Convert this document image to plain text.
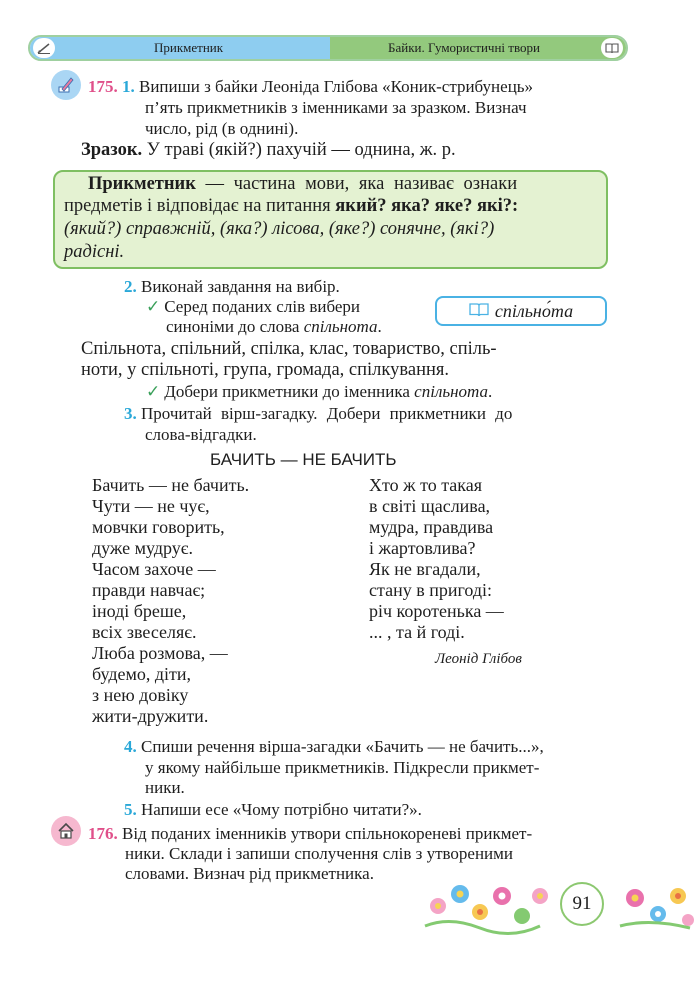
Прикметник	Байки. Гумористичні твори
175. 1. Випиши з байки Леоніда Глібова «Коник-стрибунець»
п’ять прикметників з іменниками за зразком. Визнач
число, рід (в однині).
Зразок. У траві (якій?) пахучій — однина, ж. р.
Прикметник — частина мови, яка називає ознаки
предметів і відповідає на питання який? яка? яке? які?:
(який?) справжній, (яка?) лісова, (яке?) сонячне, (які?)
радісні.
2. Виконай завдання на вибір.
✓ Серед поданих слів вибери
синоніми до слова спільнота.
спільно́та
Спільнота, спільний, спілка, клас, товариство, спіль-
ноти, у спільноті, група, громада, спілкування.
✓ Добери прикметники до іменника спільнота.
3. Прочитай вірш-загадку. Добери прикметники до
слова-відгадки.
БАЧИТЬ — НЕ БАЧИТЬ
Бачить — не бачить.
Чути — не чує,
мовчки говорить,
дуже мудрує.
Часом захоче —
правди навчає;
іноді бреше,
всіх звеселяє.
Люба розмова, —
будемо, діти,
з нею довіку
жити-дружити.
Хто ж то такая
в світі щаслива,
мудра, правдива
і жартовлива?
Як не вгадали,
стану в пригоді:
річ коротенька —
... , та й годі.
Леонід Глібов
4. Спиши речення вірша-загадки «Бачить — не бачить...»,
у якому найбільше прикметників. Підкресли прикмет-
ники.
5. Напиши есе «Чому потрібно читати?».
176. Від поданих іменників утвори спільнокореневі прикмет-
ники. Склади і запиши сполучення слів з утвореними
словами. Визнач рід прикметника.
91
